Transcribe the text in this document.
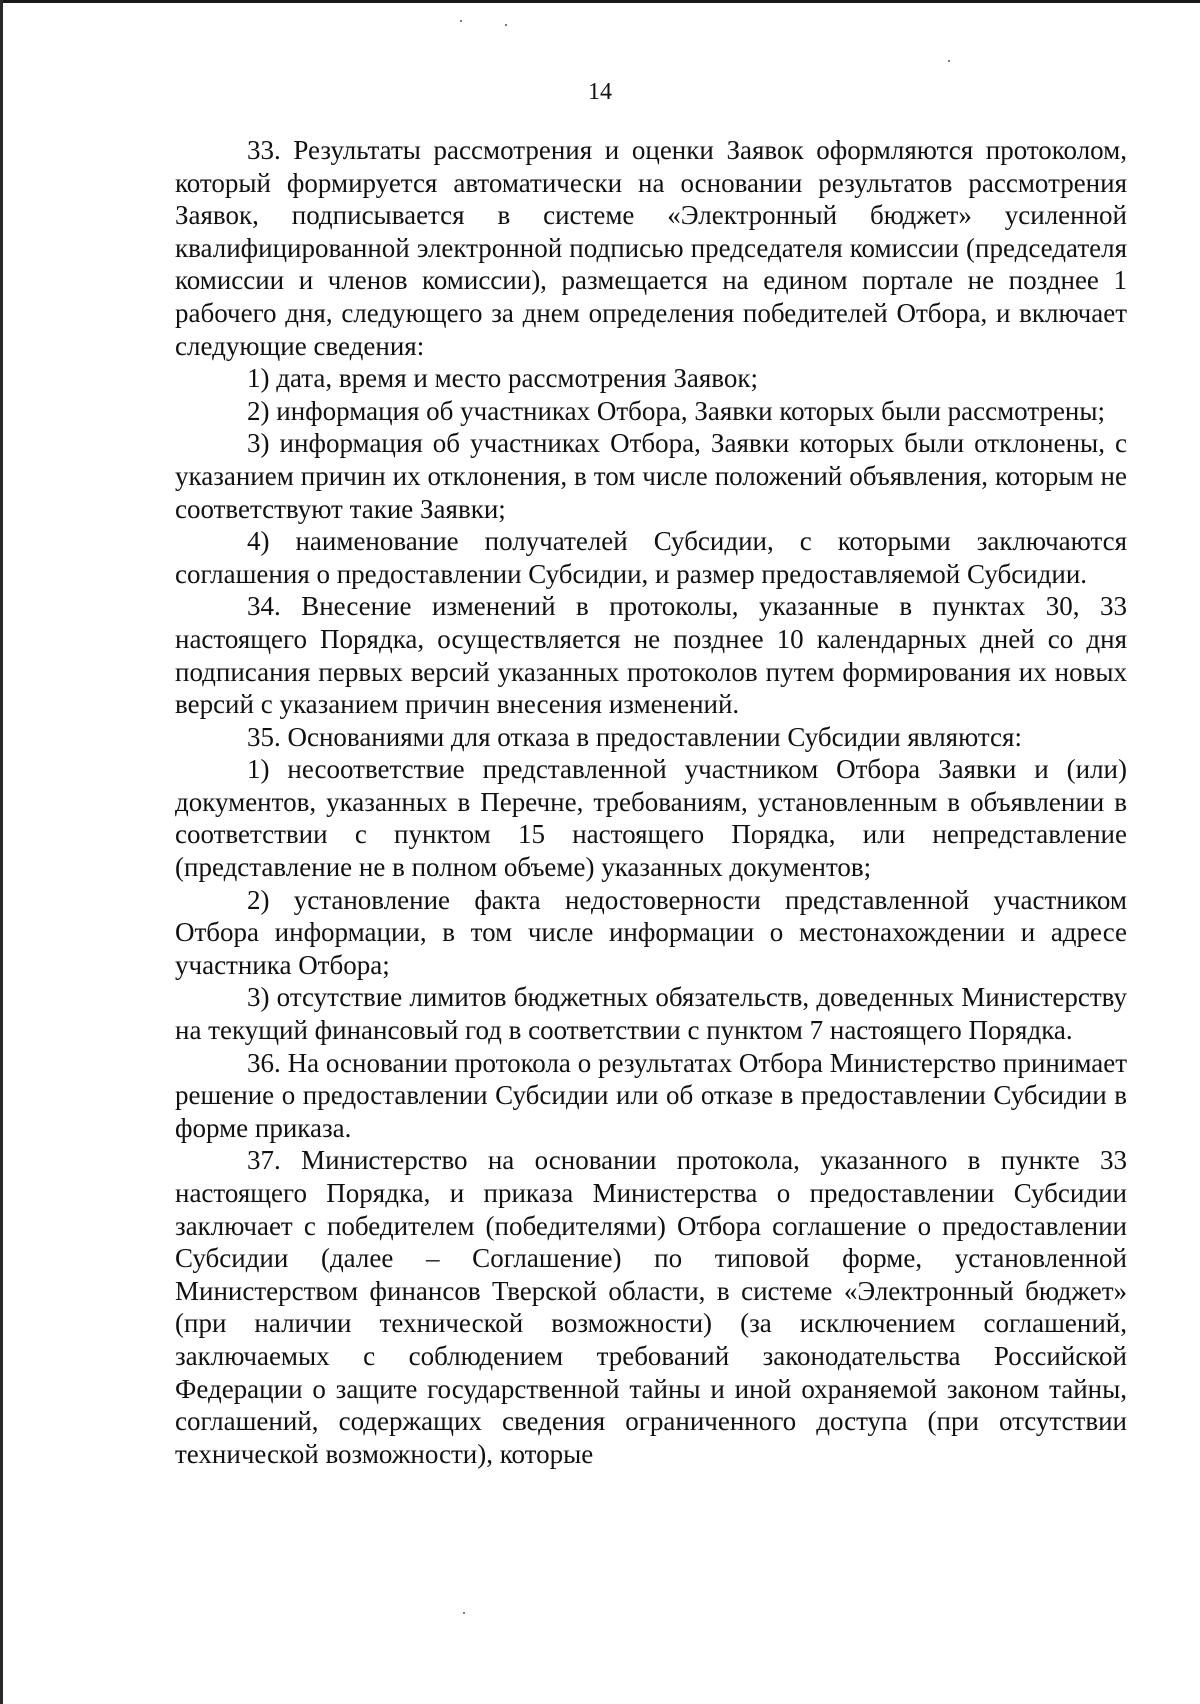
14

33. Результаты рассмотрения и оценки Заявок оформляются протоколом, который формируется автоматически на основании результатов рассмотрения Заявок, подписывается в системе «Электронный бюджет» усиленной квалифицированной электронной подписью председателя комиссии (председателя комиссии и членов комиссии), размещается на едином портале не позднее 1 рабочего дня, следующего за днем определения победителей Отбора, и включает следующие сведения:

1) дата, время и место рассмотрения Заявок;

2) информация об участниках Отбора, Заявки которых были рассмотрены;

3) информация об участниках Отбора, Заявки которых были отклонены, с указанием причин их отклонения, в том числе положений объявления, которым не соответствуют такие Заявки;

4) наименование получателей Субсидии, с которыми заключаются соглашения о предоставлении Субсидии, и размер предоставляемой Субсидии.

34. Внесение изменений в протоколы, указанные в пунктах 30, 33 настоящего Порядка, осуществляется не позднее 10 календарных дней со дня подписания первых версий указанных протоколов путем формирования их новых версий с указанием причин внесения изменений.

35. Основаниями для отказа в предоставлении Субсидии являются:

1) несоответствие представленной участником Отбора Заявки и (или) документов, указанных в Перечне, требованиям, установленным в объявлении в соответствии с пунктом 15 настоящего Порядка, или непредставление (представление не в полном объеме) указанных документов;

2) установление факта недостоверности представленной участником Отбора информации, в том числе информации о местонахождении и адресе участника Отбора;

3) отсутствие лимитов бюджетных обязательств, доведенных Министерству на текущий финансовый год в соответствии с пунктом 7 настоящего Порядка.

36. На основании протокола о результатах Отбора Министерство принимает решение о предоставлении Субсидии или об отказе в предоставлении Субсидии в форме приказа.

37. Министерство на основании протокола, указанного в пункте 33 настоящего Порядка, и приказа Министерства о предоставлении Субсидии заключает с победителем (победителями) Отбора соглашение о предоставлении Субсидии (далее – Соглашение) по типовой форме, установленной Министерством финансов Тверской области, в системе «Электронный бюджет» (при наличии технической возможности) (за исключением соглашений, заключаемых с соблюдением требований законодательства Российской Федерации о защите государственной тайны и иной охраняемой законом тайны, соглашений, содержащих сведения ограниченного доступа (при отсутствии технической возможности), которые
